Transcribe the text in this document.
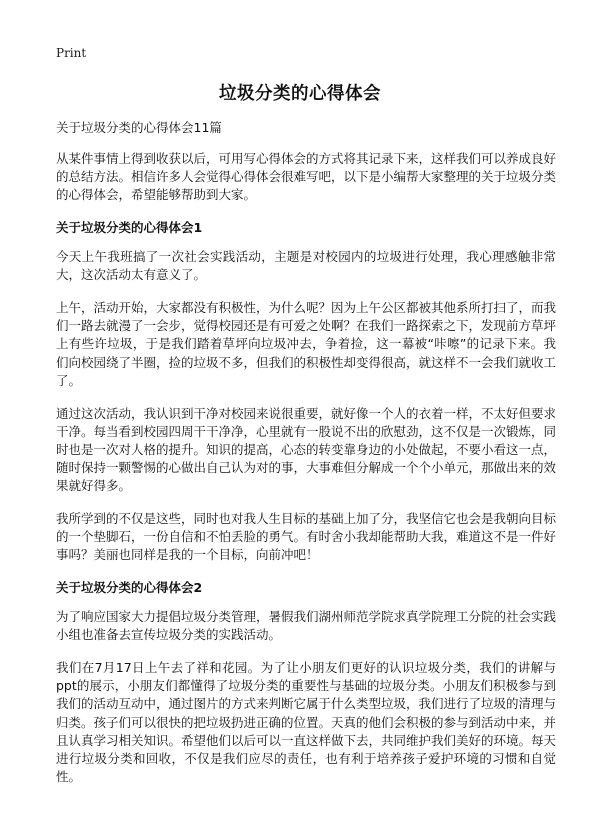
Print
垃圾分类的心得体会
关于垃圾分类的心得体会11篇

从某件事情上得到收获以后，可用写心得体会的方式将其记录下来，这样我们可以养成良好的总结方法。相信许多人会觉得心得体会很难写吧，以下是小编帮大家整理的关于垃圾分类的心得体会，希望能够帮助到大家。

关于垃圾分类的心得体会1

今天上午我班搞了一次社会实践活动，主题是对校园内的垃圾进行处理，我心理感触非常大，这次活动太有意义了。

上午，活动开始，大家都没有积极性，为什么呢？因为上午公区都被其他系所打扫了，而我们一路去就漫了一会步，觉得校园还是有可爱之处啊？在我们一路探索之下，发现前方草坪上有些许垃圾，于是我们踏着草坪向垃圾冲去，争着捡，这一幕被“咔嚓”的记录下来。我们向校园绕了半圈，捡的垃圾不多，但我们的积极性却变得很高，就这样不一会我们就收工了。

通过这次活动，我认识到干净对校园来说很重要，就好像一个人的衣着一样，不太好但要求干净。每当看到校园四周干干净净，心里就有一股说不出的欣慰劲，这不仅是一次锻炼，同时也是一次对人格的提升。知识的提高，心态的转变靠身边的小处做起，不要小看这一点，随时保持一颗警惕的心做出自己认为对的事，大事难但分解成一个个小单元，那做出来的效果就好得多。

我所学到的不仅是这些，同时也对我人生目标的基础上加了分，我坚信它也会是我朝向目标的一个垫脚石，一份自信和不怕丢脸的勇气。有时舍小我却能帮助大我，难道这不是一件好事吗？美丽也同样是我的一个目标，向前冲吧！

关于垃圾分类的心得体会2

为了响应国家大力提倡垃圾分类管理，暑假我们湖州师范学院求真学院理工分院的社会实践小组也准备去宣传垃圾分类的实践活动。

我们在7月17日上午去了祥和花园。为了让小朋友们更好的认识垃圾分类，我们的讲解与ppt的展示，小朋友们都懂得了垃圾分类的重要性与基础的垃圾分类。小朋友们积极参与到我们的活动互动中，通过图片的方式来判断它属于什么类型垃圾，我们进行了垃圾的清理与归类。孩子们可以很快的把垃圾扔进正确的位置。天真的他们会积极的参与到活动中来，并且认真学习相关知识。希望他们以后可以一直这样做下去，共同维护我们美好的环境。每天进行垃圾分类和回收，不仅是我们应尽的责任，也有利于培养孩子爱护环境的习惯和自觉性。
